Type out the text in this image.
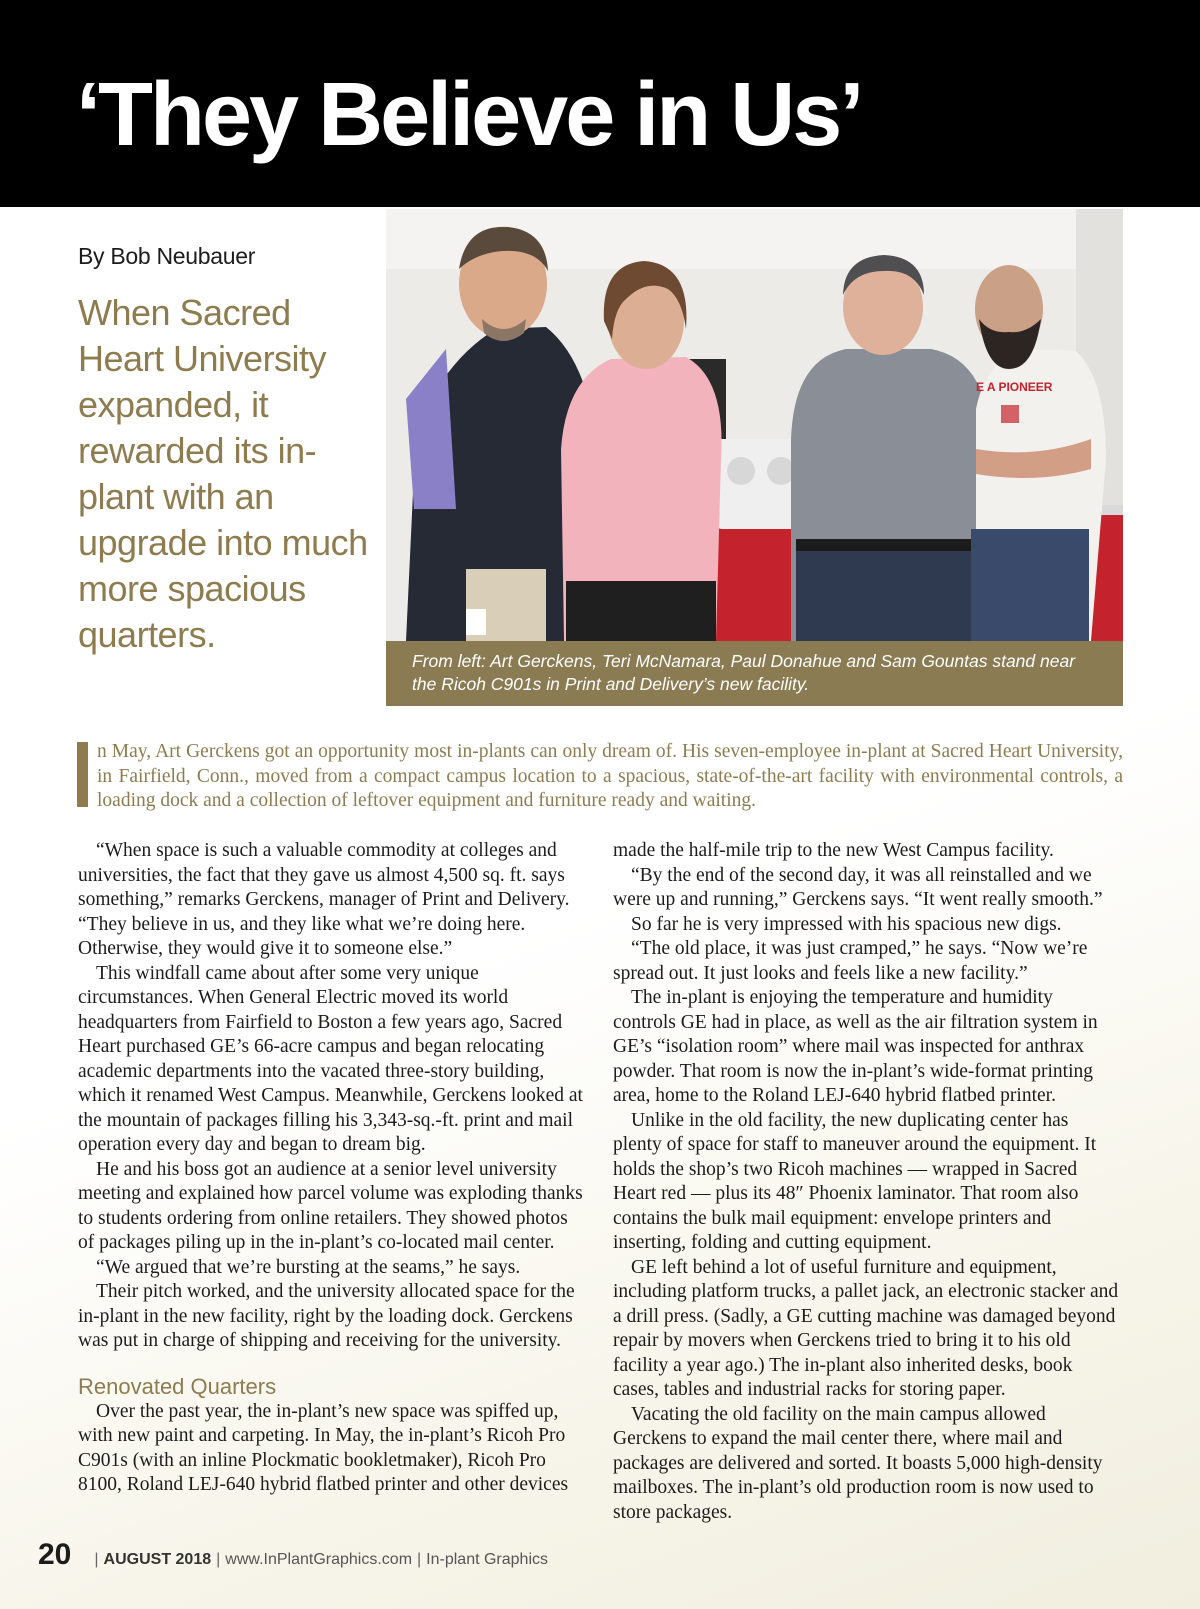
‘They Believe in Us’
By Bob Neubauer
When Sacred Heart University expanded, it rewarded its in-plant with an upgrade into much more spacious quarters.
E A PIONEER
From left: Art Gerckens, Teri McNamara, Paul Donahue and Sam Gountas stand near the Ricoh C901s in Print and Delivery’s new facility.

n May, Art Gerckens got an opportunity most in-plants can only dream of. His seven-employee in-plant at Sacred Heart University, in Fairfield, Conn., moved from a compact campus location to a spacious, state-of-the-art facility with environmental controls, a loading dock and a collection of leftover equipment and furniture ready and waiting.

“When space is such a valuable commodity at colleges and universities, the fact that they gave us almost 4,500 sq. ft. says something,” remarks Gerckens, manager of Print and Delivery. “They believe in us, and they like what we’re doing here. Otherwise, they would give it to someone else.”

This windfall came about after some very unique circumstances. When General Electric moved its world headquarters from Fairfield to Boston a few years ago, Sacred Heart purchased GE’s 66-acre campus and began relocating academic departments into the vacated three-story building, which it renamed West Campus. Meanwhile, Gerckens looked at the mountain of packages filling his 3,343-sq.-ft. print and mail operation every day and began to dream big.

He and his boss got an audience at a senior level university meeting and explained how parcel volume was exploding thanks to students ordering from online retailers. They showed photos of packages piling up in the in-plant’s co-located mail center.

“We argued that we’re bursting at the seams,” he says.

Their pitch worked, and the university allocated space for the in-plant in the new facility, right by the loading dock. Gerckens was put in charge of shipping and receiving for the university.

Renovated Quarters

Over the past year, the in-plant’s new space was spiffed up, with new paint and carpeting. In May, the in-plant’s Ricoh Pro C901s (with an inline Plockmatic bookletmaker), Ricoh Pro 8100, Roland LEJ-640 hybrid flatbed printer and other devices

made the half-mile trip to the new West Campus facility.

“By the end of the second day, it was all reinstalled and we were up and running,” Gerckens says. “It went really smooth.”

So far he is very impressed with his spacious new digs.

“The old place, it was just cramped,” he says. “Now we’re spread out. It just looks and feels like a new facility.”

The in-plant is enjoying the temperature and humidity controls GE had in place, as well as the air filtration system in GE’s “isolation room” where mail was inspected for anthrax powder. That room is now the in-plant’s wide-format printing area, home to the Roland LEJ-640 hybrid flatbed printer.

Unlike in the old facility, the new duplicating center has plenty of space for staff to maneuver around the equipment. It holds the shop’s two Ricoh machines — wrapped in Sacred Heart red — plus its 48″ Phoenix laminator. That room also contains the bulk mail equipment: envelope printers and inserting, folding and cutting equipment.

GE left behind a lot of useful furniture and equipment, including platform trucks, a pallet jack, an electronic stacker and a drill press. (Sadly, a GE cutting machine was damaged beyond repair by movers when Gerckens tried to bring it to his old facility a year ago.) The in-plant also inherited desks, book cases, tables and industrial racks for storing paper.

Vacating the old facility on the main campus allowed Gerckens to expand the mail center there, where mail and packages are delivered and sorted. It boasts 5,000 high-density mailboxes. The in-plant’s old production room is now used to store packages.

20 | AUGUST 2018 | www.InPlantGraphics.com | In-plant Graphics
